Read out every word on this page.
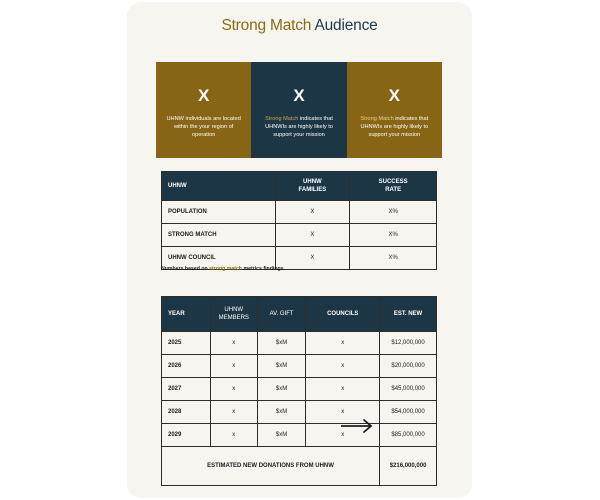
Strong Match Audience
X
UHNW individuals are located within the your region of operation
X
Strong Match indicates that UHNWIs are highly likely to support your mission
X
Strong Match indicates that UHNWIs are highly likely to support your mission
UHNW	UHNW FAMILIES	SUCCESS RATE
POPULATION	X	X%
STRONG MATCH	X	X%
UHNW COUNCIL	X	X%
Numbers based on strong match metrics findings.
YEAR	UHNW MEMBERS	AV. GIFT	COUNCILS	EST. NEW
2025	x	$xM	x	$12,000,000
2026	x	$xM	x	$20,000,000
2027	x	$xM	x	$45,000,000
2028	x	$xM	x	$54,000,000
2029	x	$xM	x	$85,000,000
ESTIMATED NEW DONATIONS FROM UHNW				$216,000,000
